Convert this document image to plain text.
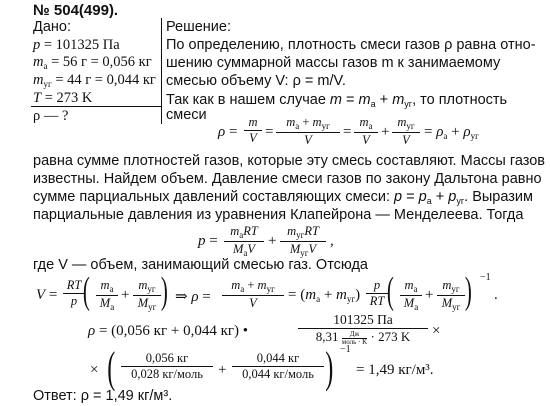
№ 504(499).
Дано:
p = 101325 Па
$m_a = 56$ г = 0,056 кг
$m_{уг} = 44$ г = 0,044 кг
T = 273 K
ρ — ?
Решение:
По определению, плотность смеси газов ρ равна отно-
шению суммарной массы газов m к занимаемому
смесью объему V: ρ = m/V.
Так как в нашем случае $m = m_a + m_{уг}$, то плотность
смеси
ρ =
m
V =
$m_a + m_{уг}$
V
=
$m_a$
V
+
$m_{уг}$
V
= $\rho_a + \rho_{уг}$
равна сумме плотностей газов, которые эту смесь составляют. Массы газов
известны. Найдем объем. Давление смеси газов по закону Дальтона равно
сумме парциальных давлений составляющих смеси: $p = p_a + p_{уг}$. Выразим
парциальные давления из уравнения Клапейрона — Менделеева. Тогда
p =
$m_aRT$
$M_aV$
+
$m_{уг}RT$
$M_{уг}V$
,
где V — объем, занимающий смесью газ. Отсюда
V =
RT
p ( $m_a$
$M_a$
+
$m_{уг}$
$M_{уг}$ ) ⇒ ρ =
$m_a + m_{уг}$
V
= $(m_a + m_{уг})$
p
RT ( $m_a$
$M_a$
+
$m_{уг}$
$M_{уг}$ ) −1
.
ρ = (0,056 кг + 0,044 кг) •
101325 Па
8,31	Дж
моль · K · 273 K	×
× (	0,056 кг
0,028 кг/моль	+
0,044 кг
0,044 кг/моль ) −1
= 1,49 кг/м³.
Ответ: ρ = 1,49 кг/м³.
